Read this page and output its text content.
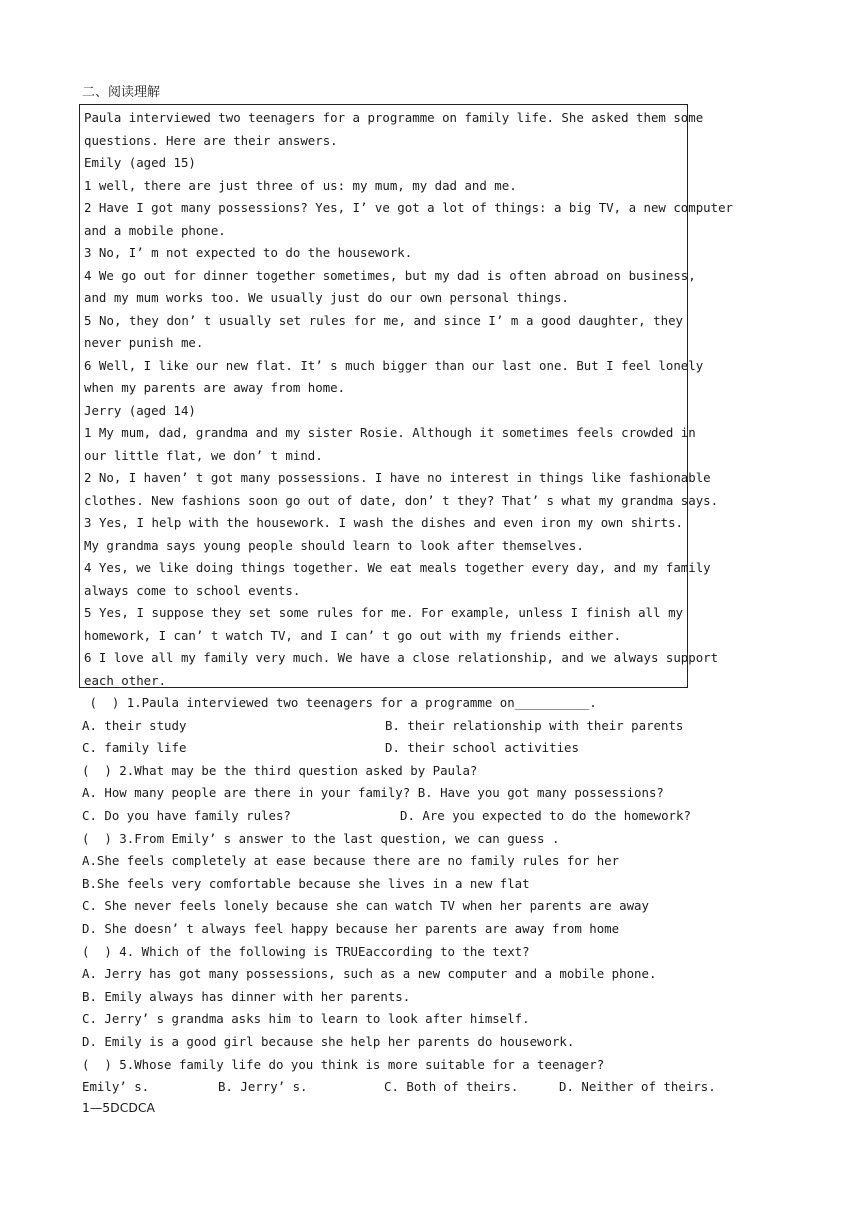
二、阅读理解
Paula interviewed two teenagers for a programme on family life. She asked them some
questions. Here are their answers.
Emily (aged 15)
1 well, there are just three of us: my mum, my dad and me.
2 Have I got many possessions? Yes, I’ ve got a lot of things: a big TV, a new computer
and a mobile phone.
3 No, I’ m not expected to do the housework.
4 We go out for dinner together sometimes, but my dad is often abroad on business,
and my mum works too. We usually just do our own personal things.
5 No, they don’ t usually set rules for me, and since I’ m a good daughter, they
never punish me.
6 Well, I like our new flat. It’ s much bigger than our last one. But I feel lonely
when my parents are away from home.
Jerry (aged 14)
1 My mum, dad, grandma and my sister Rosie. Although it sometimes feels crowded in
our little flat, we don’ t mind.
2 No, I haven’ t got many possessions. I have no interest in things like fashionable
clothes. New fashions soon go out of date, don’ t they? That’ s what my grandma says.
3 Yes, I help with the housework. I wash the dishes and even iron my own shirts.
My grandma says young people should learn to look after themselves.
4 Yes, we like doing things together. We eat meals together every day, and my family
always come to school events.
5 Yes, I suppose they set some rules for me. For example, unless I finish all my
homework, I can’ t watch TV, and I can’ t go out with my friends either.
6 I love all my family very much. We have a close relationship, and we always support
each other.
(  ) 1.Paula interviewed two teenagers for a programme on__________.

A. their study

	B. their relationship with their parents

C. family life

	D. their school activities

(  ) 2.What may be the third question asked by Paula?
A. How many people are there in your family? B. Have you got many possessions?

C. Do you have family rules?

	D. Are you expected to do the homework?

(  ) 3.From Emily’ s answer to the last question, we can guess .
A.She feels completely at ease because there are no family rules for her
B.She feels very comfortable because she lives in a new flat
C. She never feels lonely because she can watch TV when her parents are away
D. She doesn’ t always feel happy because her parents are away from home
(  ) 4. Which of the following is TRUEaccording to the text?
A. Jerry has got many possessions, such as a new computer and a mobile phone.
B. Emily always has dinner with her parents.
C. Jerry’ s grandma asks him to learn to look after himself.
D. Emily is a good girl because she help her parents do housework.
(  ) 5.Whose family life do you think is more suitable for a teenager?

Emily’ s.

	B. Jerry’ s.

	C. Both of theirs.

	D. Neither of theirs.

1—5DCDCA
